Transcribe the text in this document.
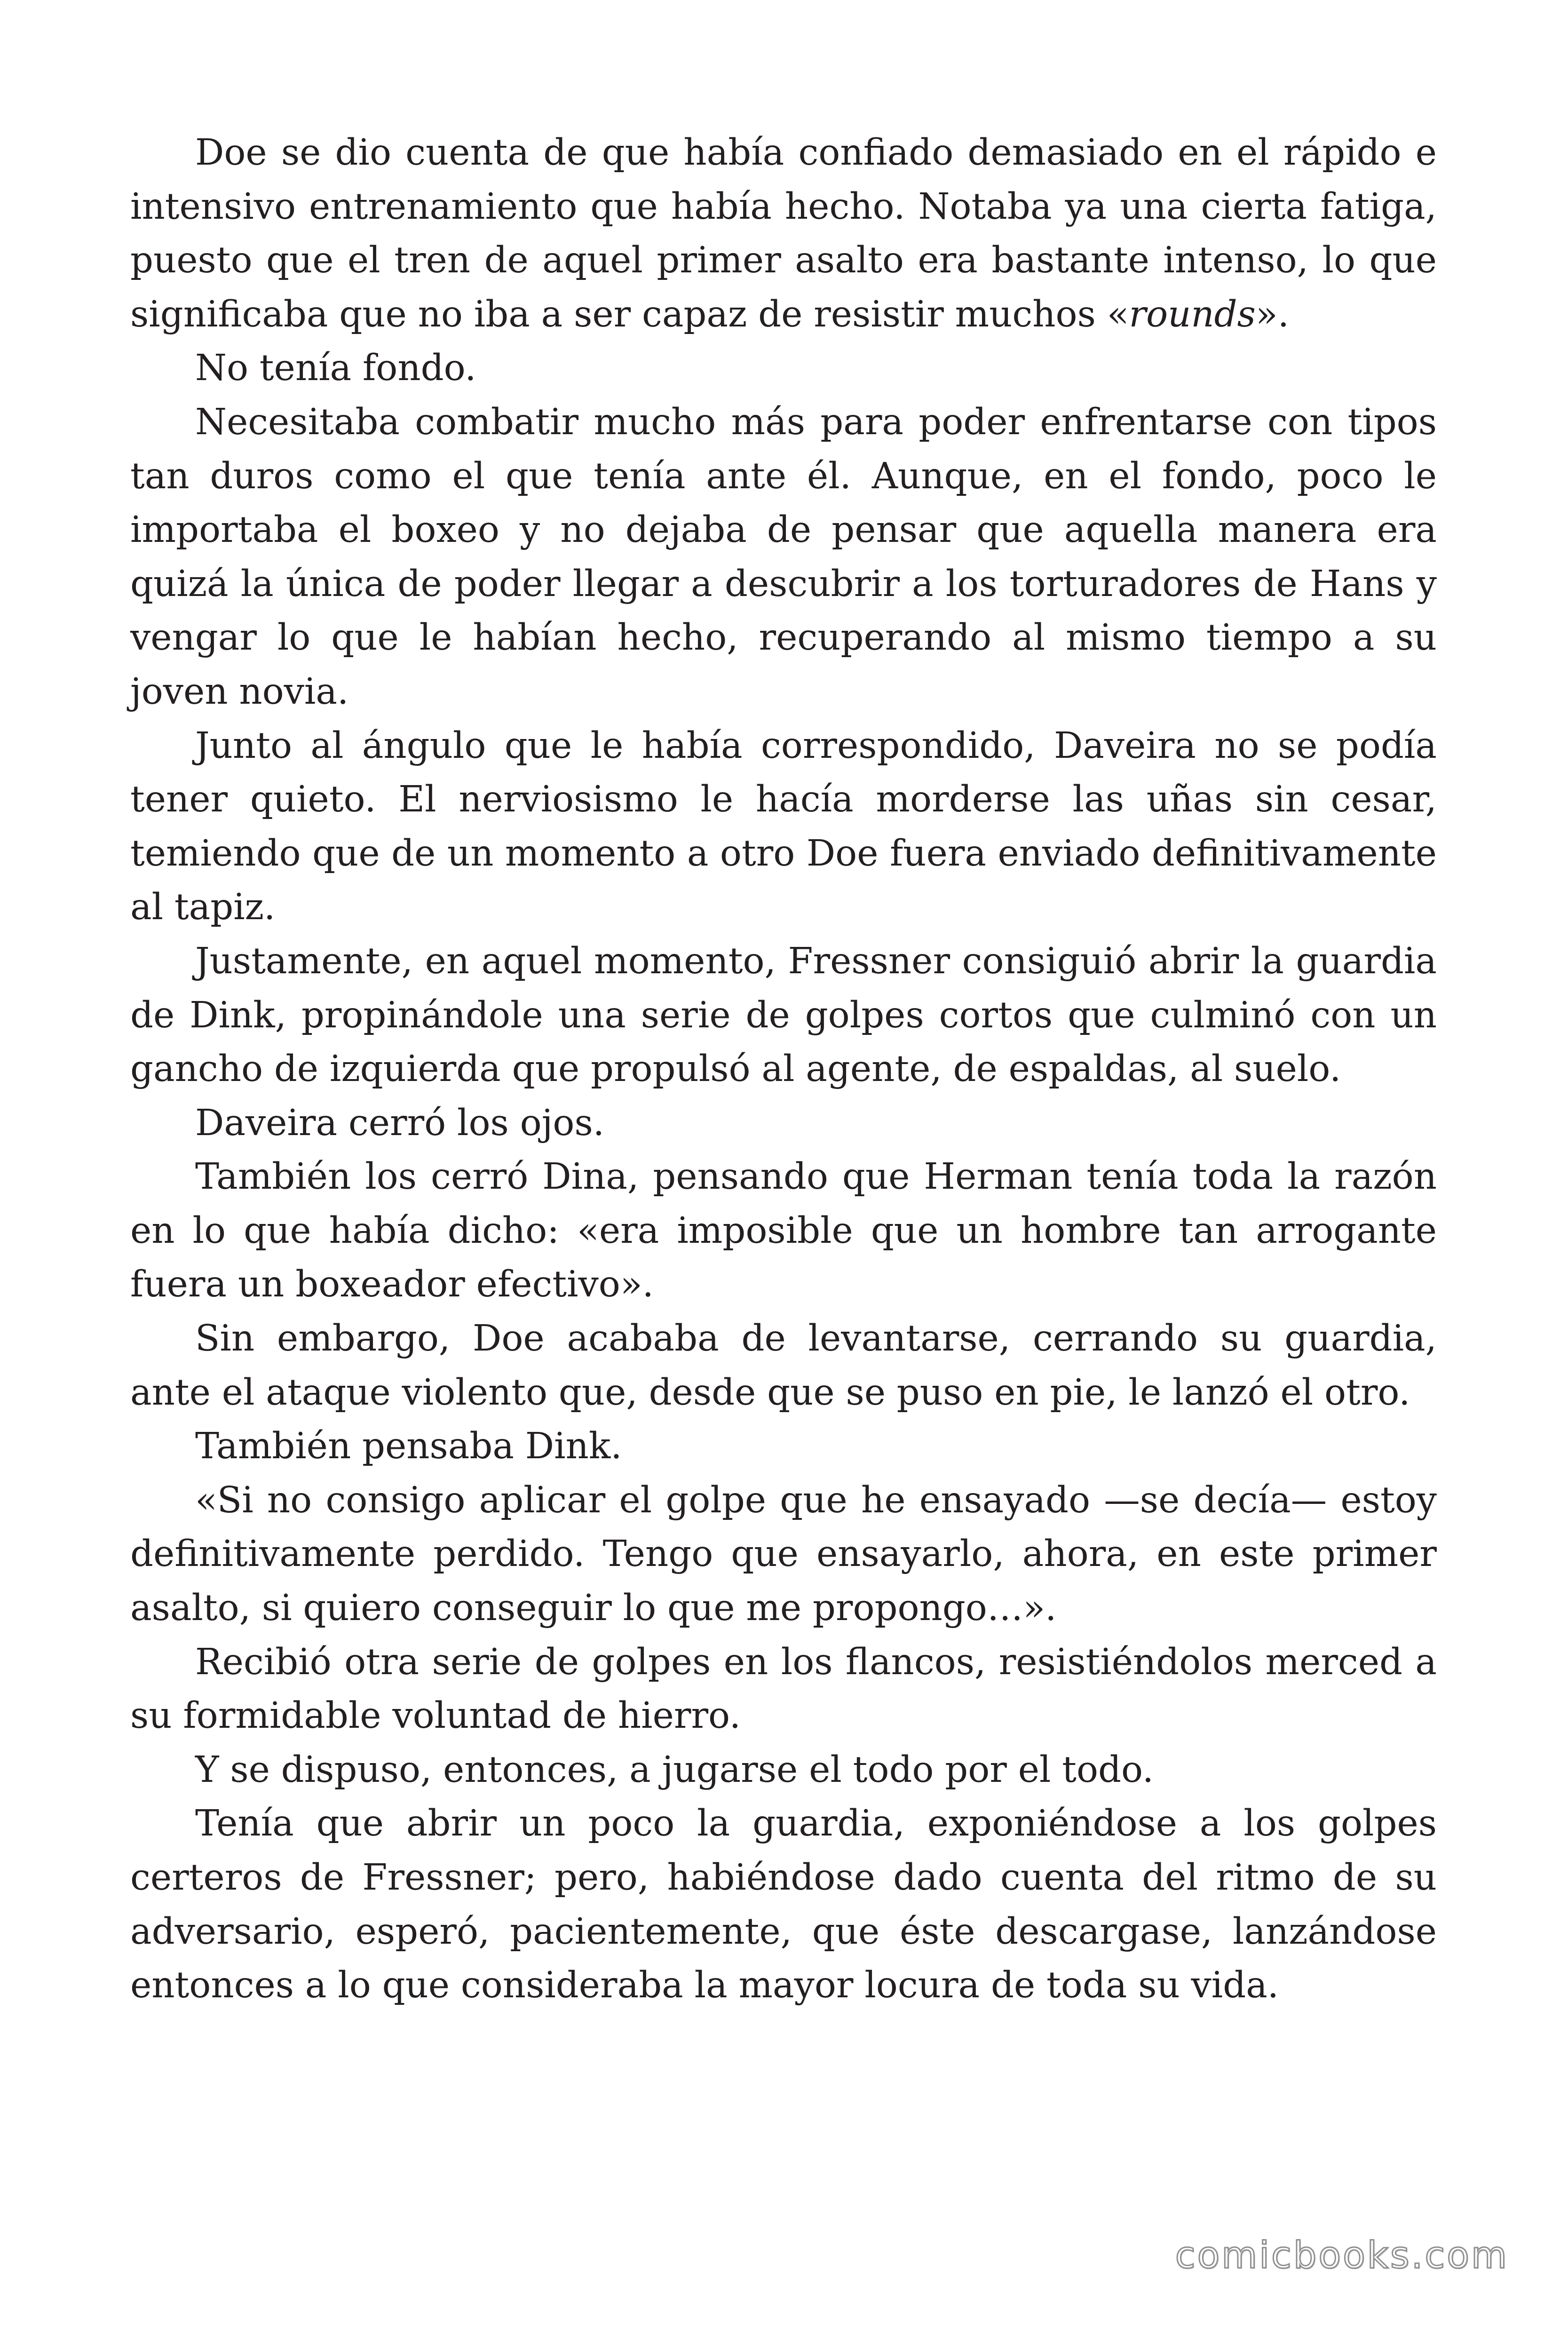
Doe se dio cuenta de que había confiado demasiado en el rápido e intensivo entrenamiento que había hecho. Notaba ya una cierta fatiga, puesto que el tren de aquel primer asalto era bastante intenso, lo que significaba que no iba a ser capaz de resistir muchos «rounds».

No tenía fondo.

Necesitaba combatir mucho más para poder enfrentarse con tipos tan duros como el que tenía ante él. Aunque, en el fondo, poco le importaba el boxeo y no dejaba de pensar que aquella manera era quizá la única de poder llegar a descubrir a los torturadores de Hans y vengar lo que le habían hecho, recuperando al mismo tiempo a su joven novia.

Junto al ángulo que le había correspondido, Daveira no se podía tener quieto. El nerviosismo le hacía morderse las uñas sin cesar, temiendo que de un momento a otro Doe fuera enviado definitivamente al tapiz.

Justamente, en aquel momento, Fressner consiguió abrir la guardia de Dink, propinándole una serie de golpes cortos que culminó con un gancho de izquierda que propulsó al agente, de espaldas, al suelo.

Daveira cerró los ojos.

También los cerró Dina, pensando que Herman tenía toda la razón en lo que había dicho: «era imposible que un hombre tan arrogante fuera un boxeador efectivo».

Sin embargo, Doe acababa de levantarse, cerrando su guardia, ante el ataque violento que, desde que se puso en pie, le lanzó el otro.

También pensaba Dink.

«Si no consigo aplicar el golpe que he ensayado —se decía— estoy definitivamente perdido. Tengo que ensayarlo, ahora, en este primer asalto, si quiero conseguir lo que me propongo…».

Recibió otra serie de golpes en los flancos, resistiéndolos merced a su formidable voluntad de hierro.

Y se dispuso, entonces, a jugarse el todo por el todo.

Tenía que abrir un poco la guardia, exponiéndose a los golpes certeros de Fressner; pero, habiéndose dado cuenta del ritmo de su adversario, esperó, pacientemente, que éste descargase, lanzándose entonces a lo que consideraba la mayor locura de toda su vida.

comicbooks.com
